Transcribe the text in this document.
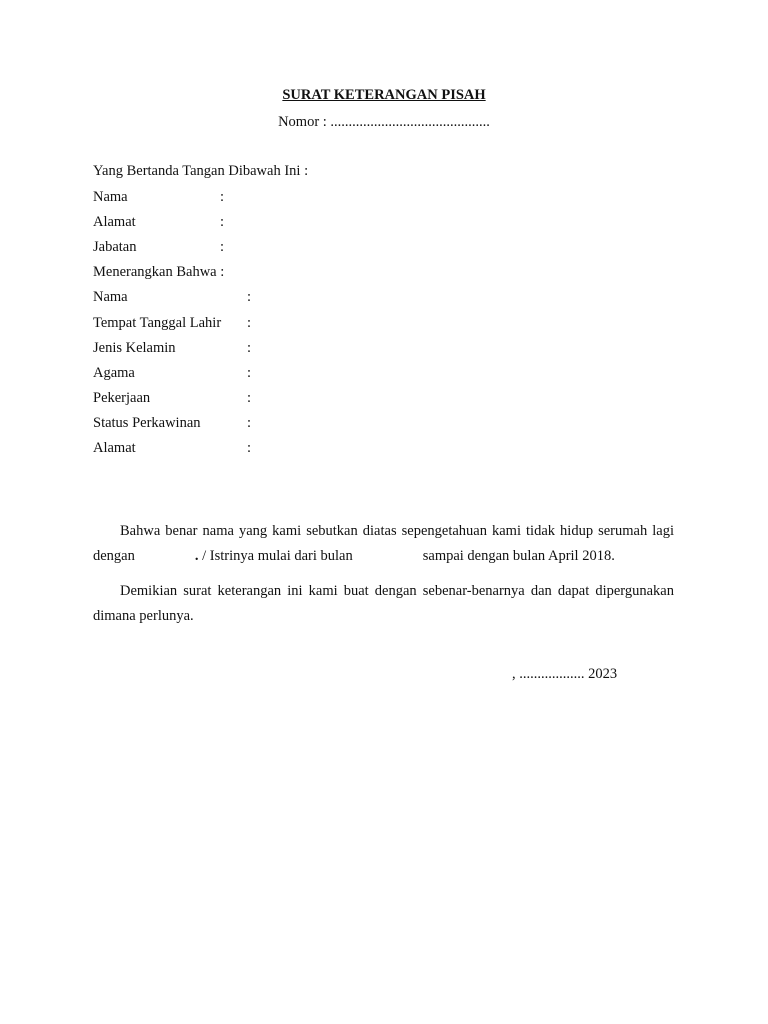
SURAT KETERANGAN PISAH
Nomor : ............................................
Yang Bertanda Tangan Dibawah Ini :
Nama	:
Alamat	:
Jabatan	:
Menerangkan Bahwa :
Nama	:
Tempat Tanggal Lahir :
Jenis Kelamin	:
Agama	:
Pekerjaan	:
Status Perkawinan	:
Alamat	:
Bahwa benar nama yang kami sebutkan diatas sepengetahuan kami tidak hidup serumah lagi dengan	. / Istrinya mulai dari bulan	sampai dengan bulan April 2018.
Demikian surat keterangan ini kami buat dengan sebenar-benarnya dan dapat dipergunakan dimana perlunya.
, .................. 2023
